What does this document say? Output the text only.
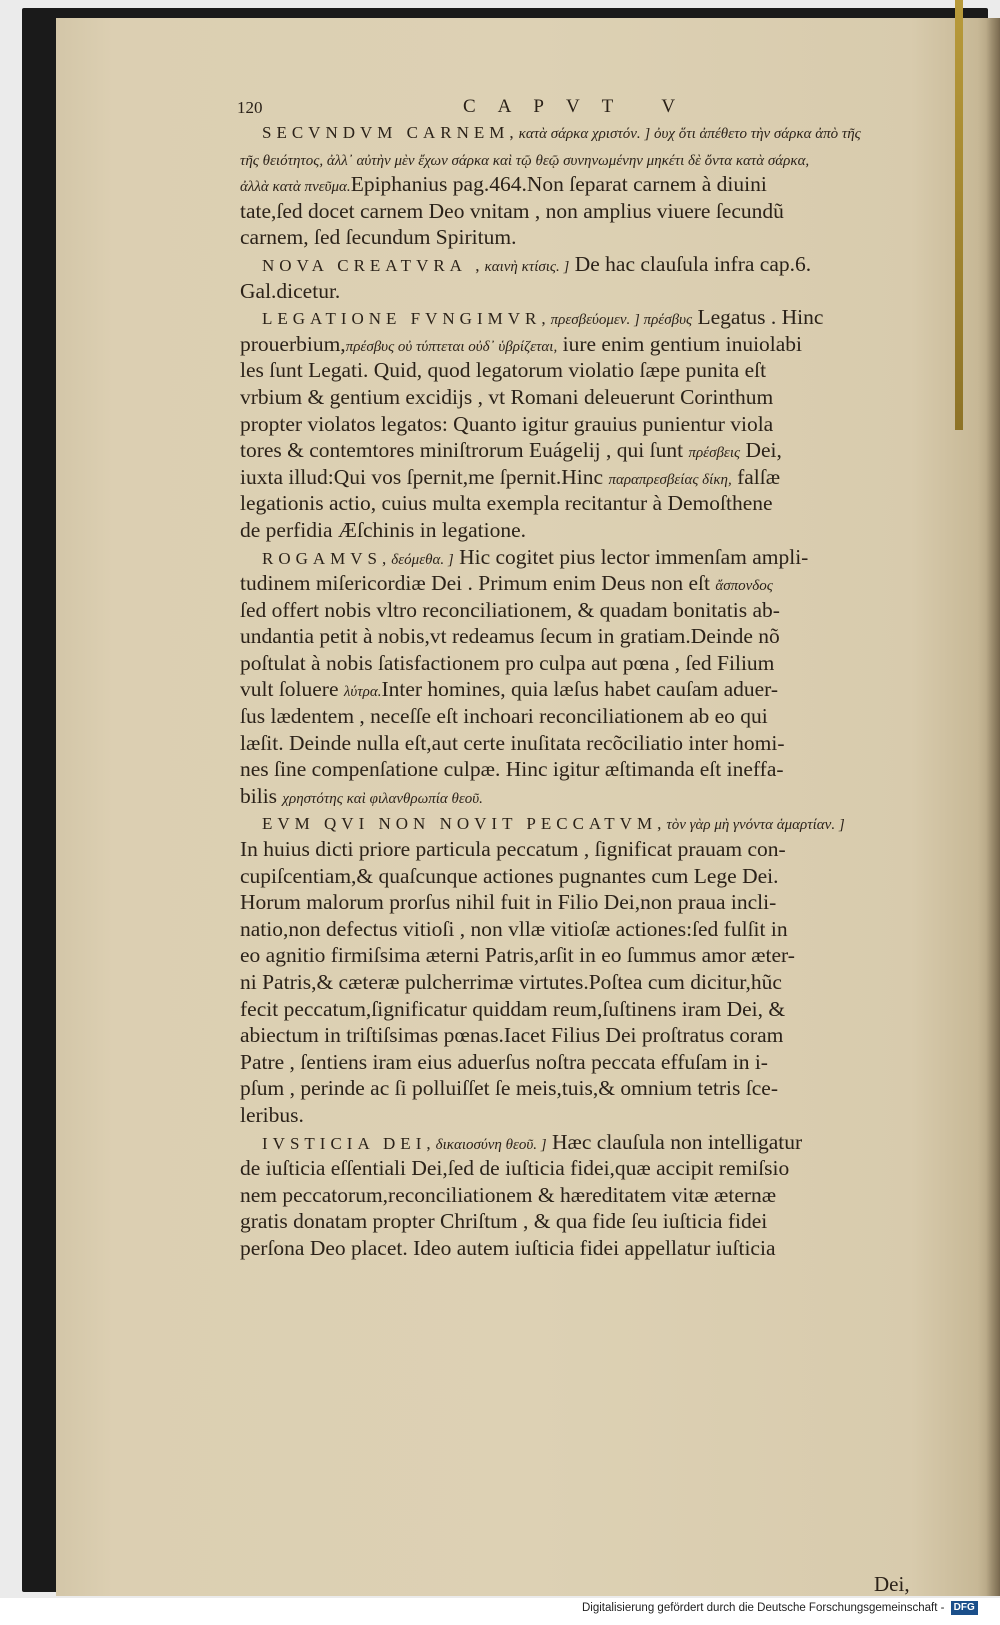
120	CAPVT V
SECVNDVM CARNEM,κατὰ σάρκα χριστόν. ] ὀυχ ὅτι ἀπέθετο τὴν σάρκα ἀπὸ τῆς
τῆς θειότητος, ἀλλ᾿ αὐτὴν μὲν ἔχων σάρκα καὶ τῷ θεῷ συνηνωμένην μηκέτι δὲ ὄντα κατὰ σάρκα,
ἀλλὰ κατὰ πνεῦμα.Epiphanius pag.464.Non ſeparat carnem à diuini
tate,ſed docet carnem Deo vnitam , non amplius viuere ſecundũ
carnem, ſed ſecundum Spiritum.
NOVA CREATVRA ,καινὴ κτίσις. ] De hac clauſula infra cap.6.
Gal.dicetur.
LEGATIONE FVNGIMVR,πρεσβεύομεν. ] πρέσβυς Legatus . Hinc
prouerbium,πρέσβυς οὐ τύπτεται οὐδ᾿ ὑβρίζεται, iure enim gentium inuiolabi
les ſunt Legati. Quid, quod legatorum violatio ſæpe punita eſt
vrbium & gentium excidijs , vt Romani deleuerunt Corinthum
propter violatos legatos: Quanto igitur grauius punientur viola
tores & contemtores miniſtrorum Euágelij , qui ſunt πρέσβεις Dei,
iuxta illud:Qui vos ſpernit,me ſpernit.Hinc παραπρεσβείας δίκη, falſæ
legationis actio, cuius multa exempla recitantur à Demoſthene
de perfidia Æſchinis in legatione.
ROGAMVS,δεόμεθα. ] Hic cogitet pius lector immenſam ampli-
tudinem miſericordiæ Dei . Primum enim Deus non eſt ἄσπονδος
ſed offert nobis vltro reconciliationem, & quadam bonitatis ab-
undantia petit à nobis,vt redeamus ſecum in gratiam.Deinde nõ
poſtulat à nobis ſatisfactionem pro culpa aut pœna , ſed Filium
vult ſoluere λύτρα.Inter homines, quia læſus habet cauſam aduer-
ſus lædentem , neceſſe eſt inchoari reconciliationem ab eo qui
læſit. Deinde nulla eſt,aut certe inuſitata recõciliatio inter homi-
nes ſine compenſatione culpæ. Hinc igitur æſtimanda eſt ineffa-
bilis χρηστότης καὶ φιλανθρωπία θεοῦ.
EVM QVI NON NOVIT PECCATVM,τὸν γὰρ μὴ γνόντα ἁμαρτίαν. ]
In huius dicti priore particula peccatum , ſignificat prauam con-
cupiſcentiam,& quaſcunque actiones pugnantes cum Lege Dei.
Horum malorum prorſus nihil fuit in Filio Dei,non praua incli-
natio,non defectus vitioſi , non vllæ vitioſæ actiones:ſed fulſit in
eo agnitio firmiſsima æterni Patris,arſit in eo ſummus amor æter-
ni Patris,& cæteræ pulcherrimæ virtutes.Poſtea cum dicitur,hũc
fecit peccatum,ſignificatur quiddam reum,ſuſtinens iram Dei, &
abiectum in triſtiſsimas pœnas.Iacet Filius Dei proſtratus coram
Patre , ſentiens iram eius aduerſus noſtra peccata effuſam in i-
pſum , perinde ac ſi polluiſſet ſe meis,tuis,& omnium tetris ſce-
leribus.
IVSTICIA DEI,δικαιοσύνη θεοῦ. ] Hæc clauſula non intelligatur
de iuſticia eſſentiali Dei,ſed de iuſticia fidei,quæ accipit remiſsio
nem peccatorum,reconciliationem & hæreditatem vitæ æternæ
gratis donatam propter Chriſtum , & qua fide ſeu iuſticia fidei
perſona Deo placet. Ideo autem iuſticia fidei appellatur iuſticia
Dei,
Digitalisierung gefördert durch die Deutsche Forschungsgemeinschaft - DFG
